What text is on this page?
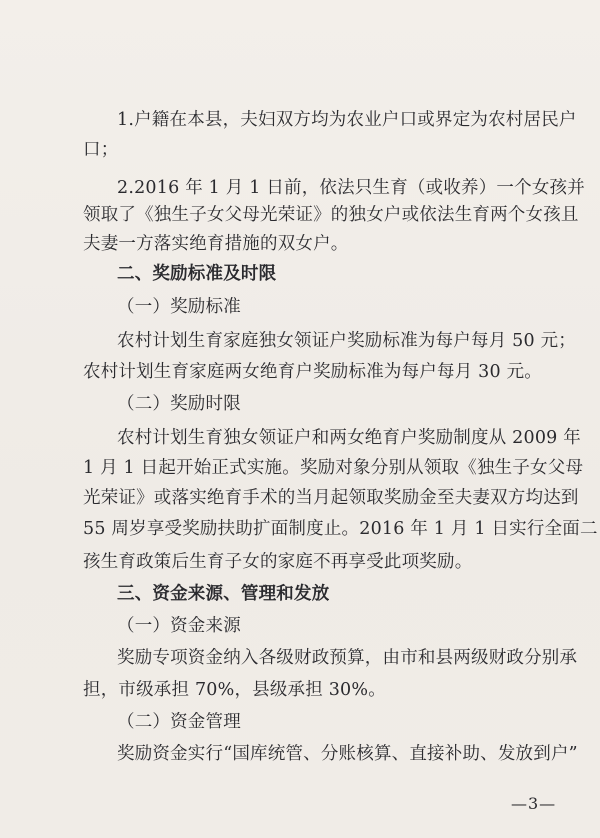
1.户籍在本县，夫妇双方均为农业户口或界定为农村居民户
口；
2.2016 年 1 月 1 日前，依法只生育（或收养）一个女孩并
领取了《独生子女父母光荣证》的独女户或依法生育两个女孩且
夫妻一方落实绝育措施的双女户。
二、奖励标准及时限
（一）奖励标准
农村计划生育家庭独女领证户奖励标准为每户每月 50 元；
农村计划生育家庭两女绝育户奖励标准为每户每月 30 元。
（二）奖励时限
农村计划生育独女领证户和两女绝育户奖励制度从 2009 年
1 月 1 日起开始正式实施。奖励对象分别从领取《独生子女父母
光荣证》或落实绝育手术的当月起领取奖励金至夫妻双方均达到
55 周岁享受奖励扶助扩面制度止。2016 年 1 月 1 日实行全面二
孩生育政策后生育子女的家庭不再享受此项奖励。
三、资金来源、管理和发放
（一）资金来源
奖励专项资金纳入各级财政预算，由市和县两级财政分别承
担，市级承担 70%，县级承担 30%。
（二）资金管理
奖励资金实行“国库统管、分账核算、直接补助、发放到户”
—3—
